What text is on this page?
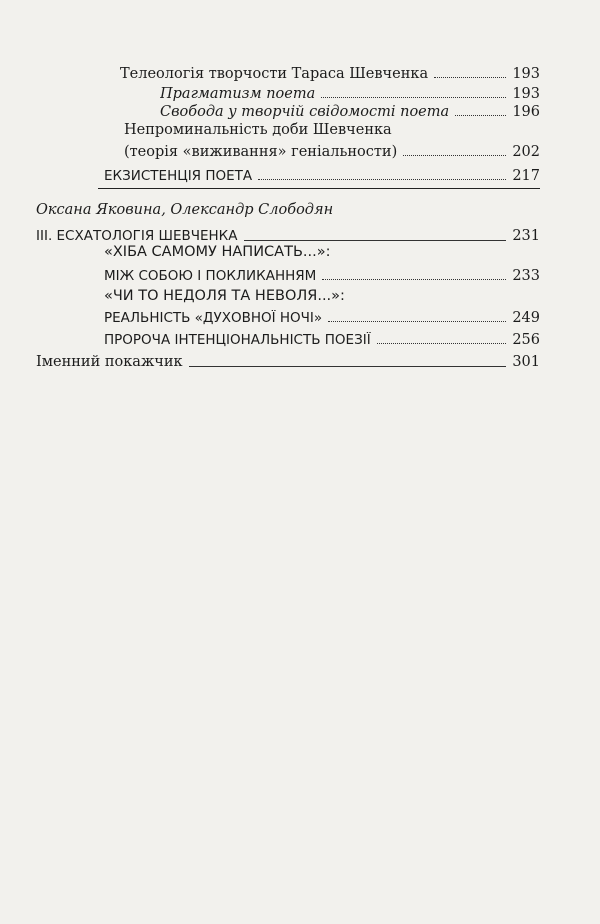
Телеологія творчости Тараса Шевченка	193
Прагматизм поета	193
Свобода у творчій свідомості поета	196
Непроминальність доби Шевченка
(теорія «виживання» геніальности)	202
ЕКЗИСТЕНЦІЯ ПОЕТА	217
Оксана Яковина, Олександр Слободян
ІІІ. ЕСХАТОЛОГІЯ ШЕВЧЕНКА	231
«ХІБА САМОМУ НАПИСАТЬ...»:
МІЖ СОБОЮ І ПОКЛИКАННЯМ	233
«ЧИ ТО НЕДОЛЯ ТА НЕВОЛЯ...»:
РЕАЛЬНІСТЬ «ДУХОВНОЇ НОЧІ»	249
ПРОРОЧА ІНТЕНЦІОНАЛЬНІСТЬ ПОЕЗІЇ	256
Іменний покажчик	301
